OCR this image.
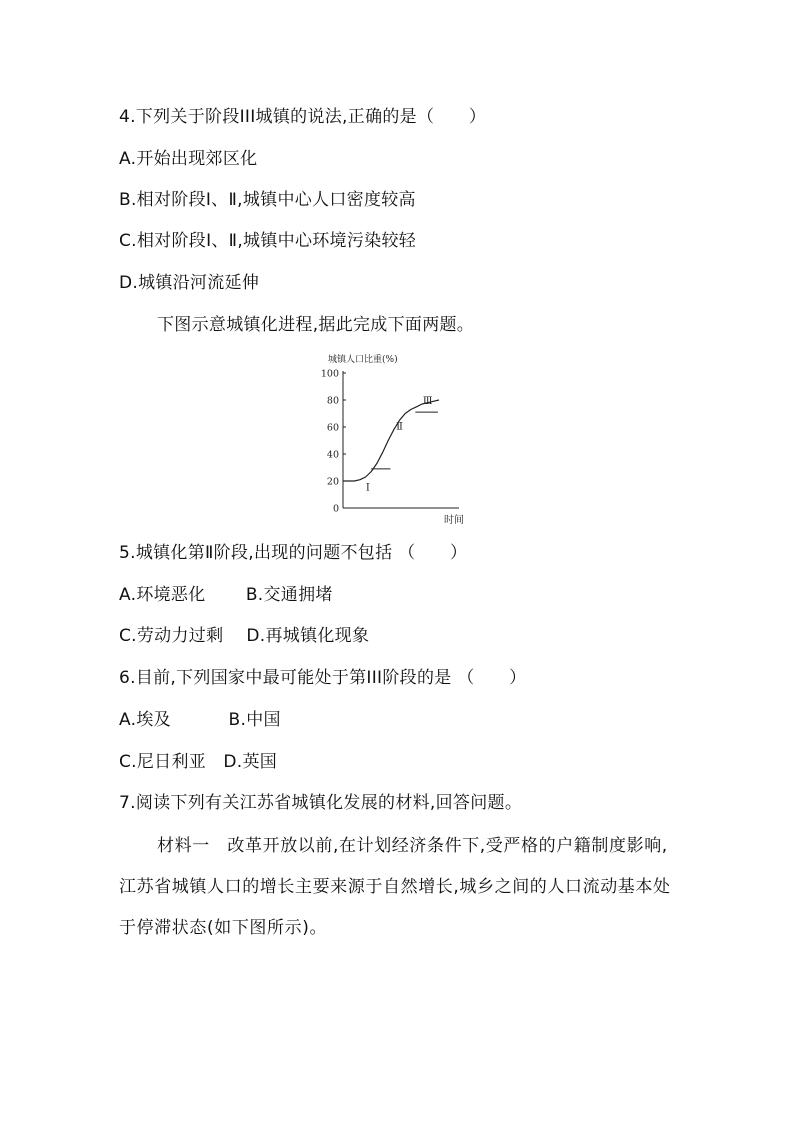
4.下列关于阶段III城镇的说法,正确的是（　　）
A.开始出现郊区化
B.相对阶段Ⅰ、Ⅱ,城镇中心人口密度较高
C.相对阶段Ⅰ、Ⅱ,城镇中心环境污染较轻
D.城镇沿河流延伸
下图示意城镇化进程,据此完成下面两题。
城镇人口比重(%)
时间
0
20
40
60
80
100
Ⅰ
Ⅱ
Ⅲ
5.城镇化第Ⅱ阶段,出现的问题不包括 （　　）
A.环境恶化　　 B.交通拥堵
C.劳动力过剩　 D.再城镇化现象
6.目前,下列国家中最可能处于第III阶段的是 （　　）
A.埃及　　　 B.中国
C.尼日利亚　D.英国
7.阅读下列有关江苏省城镇化发展的材料,回答问题。
材料一　改革开放以前,在计划经济条件下,受严格的户籍制度影响,江苏省城镇人口的增长主要来源于自然增长,城乡之间的人口流动基本处于停滞状态(如下图所示)。
